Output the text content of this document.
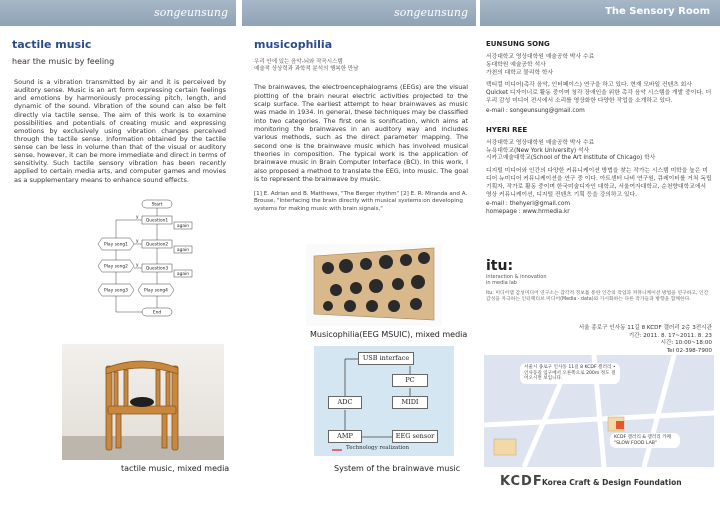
songeunsung
tactile music
hear the music by feeling

Sound is a vibration transmitted by air and it is perceived by auditory sense. Music is an art form expressing certain feelings and emotions by harmoniously processing pitch, length, and dynamic of the sound. Vibration of the sound can also be felt directly via tactile sense. The aim of this work is to examine possibilities and potentials of creating music and expressing emotions by exclusively using vibration changes perceived through the tactile sense. Information obtained by the tactile sense can be less in volume than that of the visual or auditory sense, however, it can be more immediate and direct in terms of sensitivity. Such tactile sensory vibration has been recently applied to certain media arts, and computer games and movies as a supplementary means to enhance sound effects.

Start
Question1
Question2
Question3
again
again
again
Play song1
Play song2
Play song3	Play song4
End
y
y
y
tactile music, mixed media
songeunsung
musicophilia
우리 안에 있는 음악-뇌와 작곡시스템
예술적 상상력과 과학적 분석의 행복한 만남

The brainwaves, the electroencephalograms (EEGs) are the visual plotting of the brain neural electric activities projected to the scalp surface. The earliest attempt to hear brainwaves as music was made in 1934. In general, these techniques may be classified into two categories. The first one is sonification, which aims at monitoring the brainwaves in an auditory way and includes various methods, such as the direct parameter mapping. The second one is the brainwave music which has involved musical theories in composition. The typical work is the application of brainwave music in Brain Computer Interface (BCI). In this work, I also proposed a method to translate the EEG, into music. The goal is to represent the brainwave by music.

[1] E. Adrian and B. Matthews, "The Berger rhythm" [2] E. R. Miranda and A. Brouse, "Interfacing the brain directly with musical systems:on developing systems for making music with brain signals,"

Musicophilia(EEG MSUIC), mixed media
USB interface
PC
MIDI
ADC
AMP	EEG sensor
Technology realization
System of the brainwave music
The Sensory Room
EUNSUNG SONG
서강대학교 영상대학원 예술공학 박사 수료
동대학원 예술공학 석사
가천의 대학교 물리학 학사
텍티컬 미디어(촉각 음악, 인터페이스) 연구을 하고 있다. 현재 모바일 컨텐츠 회사 Quicket 디자이너로 활동 중이며 청각 장애인을 위한 촉각 음악 시스템을 개발 중이다. 더 우리 감성 미디어 전시에서 소리를 영상화한 다양한 작업을 소개하고 있다.
e-mail : songeunsung@gmail.com
HYERI REE
서강대학교 영상대학원 예술공학 박사 수료
뉴욕대학교(New York University) 석사
시카고예술대학교(School of the Art Institute of Chicago) 학사
디지털 미디어와 인간의 다양한 커뮤니케이션 방법을 찾는 작가는 시스템 미학을 높은 미디어 뉴미디어 커뮤니케이션을 연구 중 이다. 아트센터 나비 연구원, 큐레이터를 거쳐 독립기획자, 작가로 활동 중이며 한국미술디자인 대학교, 서울여자대학교, 순천향대학교에서 영상 커뮤니케이션, 디지털 컨텐츠 기획 등을 강의하고 있다.
e-mail : thehyeri@gmail.com
homepage : www.hrmedia.kr
itu:
interaction & innovation
in media lab
itu: 미디어랩 감성미디어 연구소는 감각적 정보를 통한 인간의 작업과 커뮤니케이션 방법을 연구하고, 인간 감성을 자극하는 인터랙티브 미디어(Media · data)와 가시화하는 다른 작가들과 방향을 함께한다.
서울 종로구 인사동 11길 8 KCDF 갤러리 2층 3전시관
기간: 2011. 8. 17~2011. 8. 23
시간: 10:00~18:00
Tel 02-398-7900
서울시 종로구 인사동 11길 8 KCDF 갤러리 • 인사동길 입구에서 오른쪽으로 200m 정도 걸어오시면 보입니다.
KCDF 갤러리 & 갤러리 카페 "SLOW FOOD LAB"
KCDF Korea Craft & Design Foundation
